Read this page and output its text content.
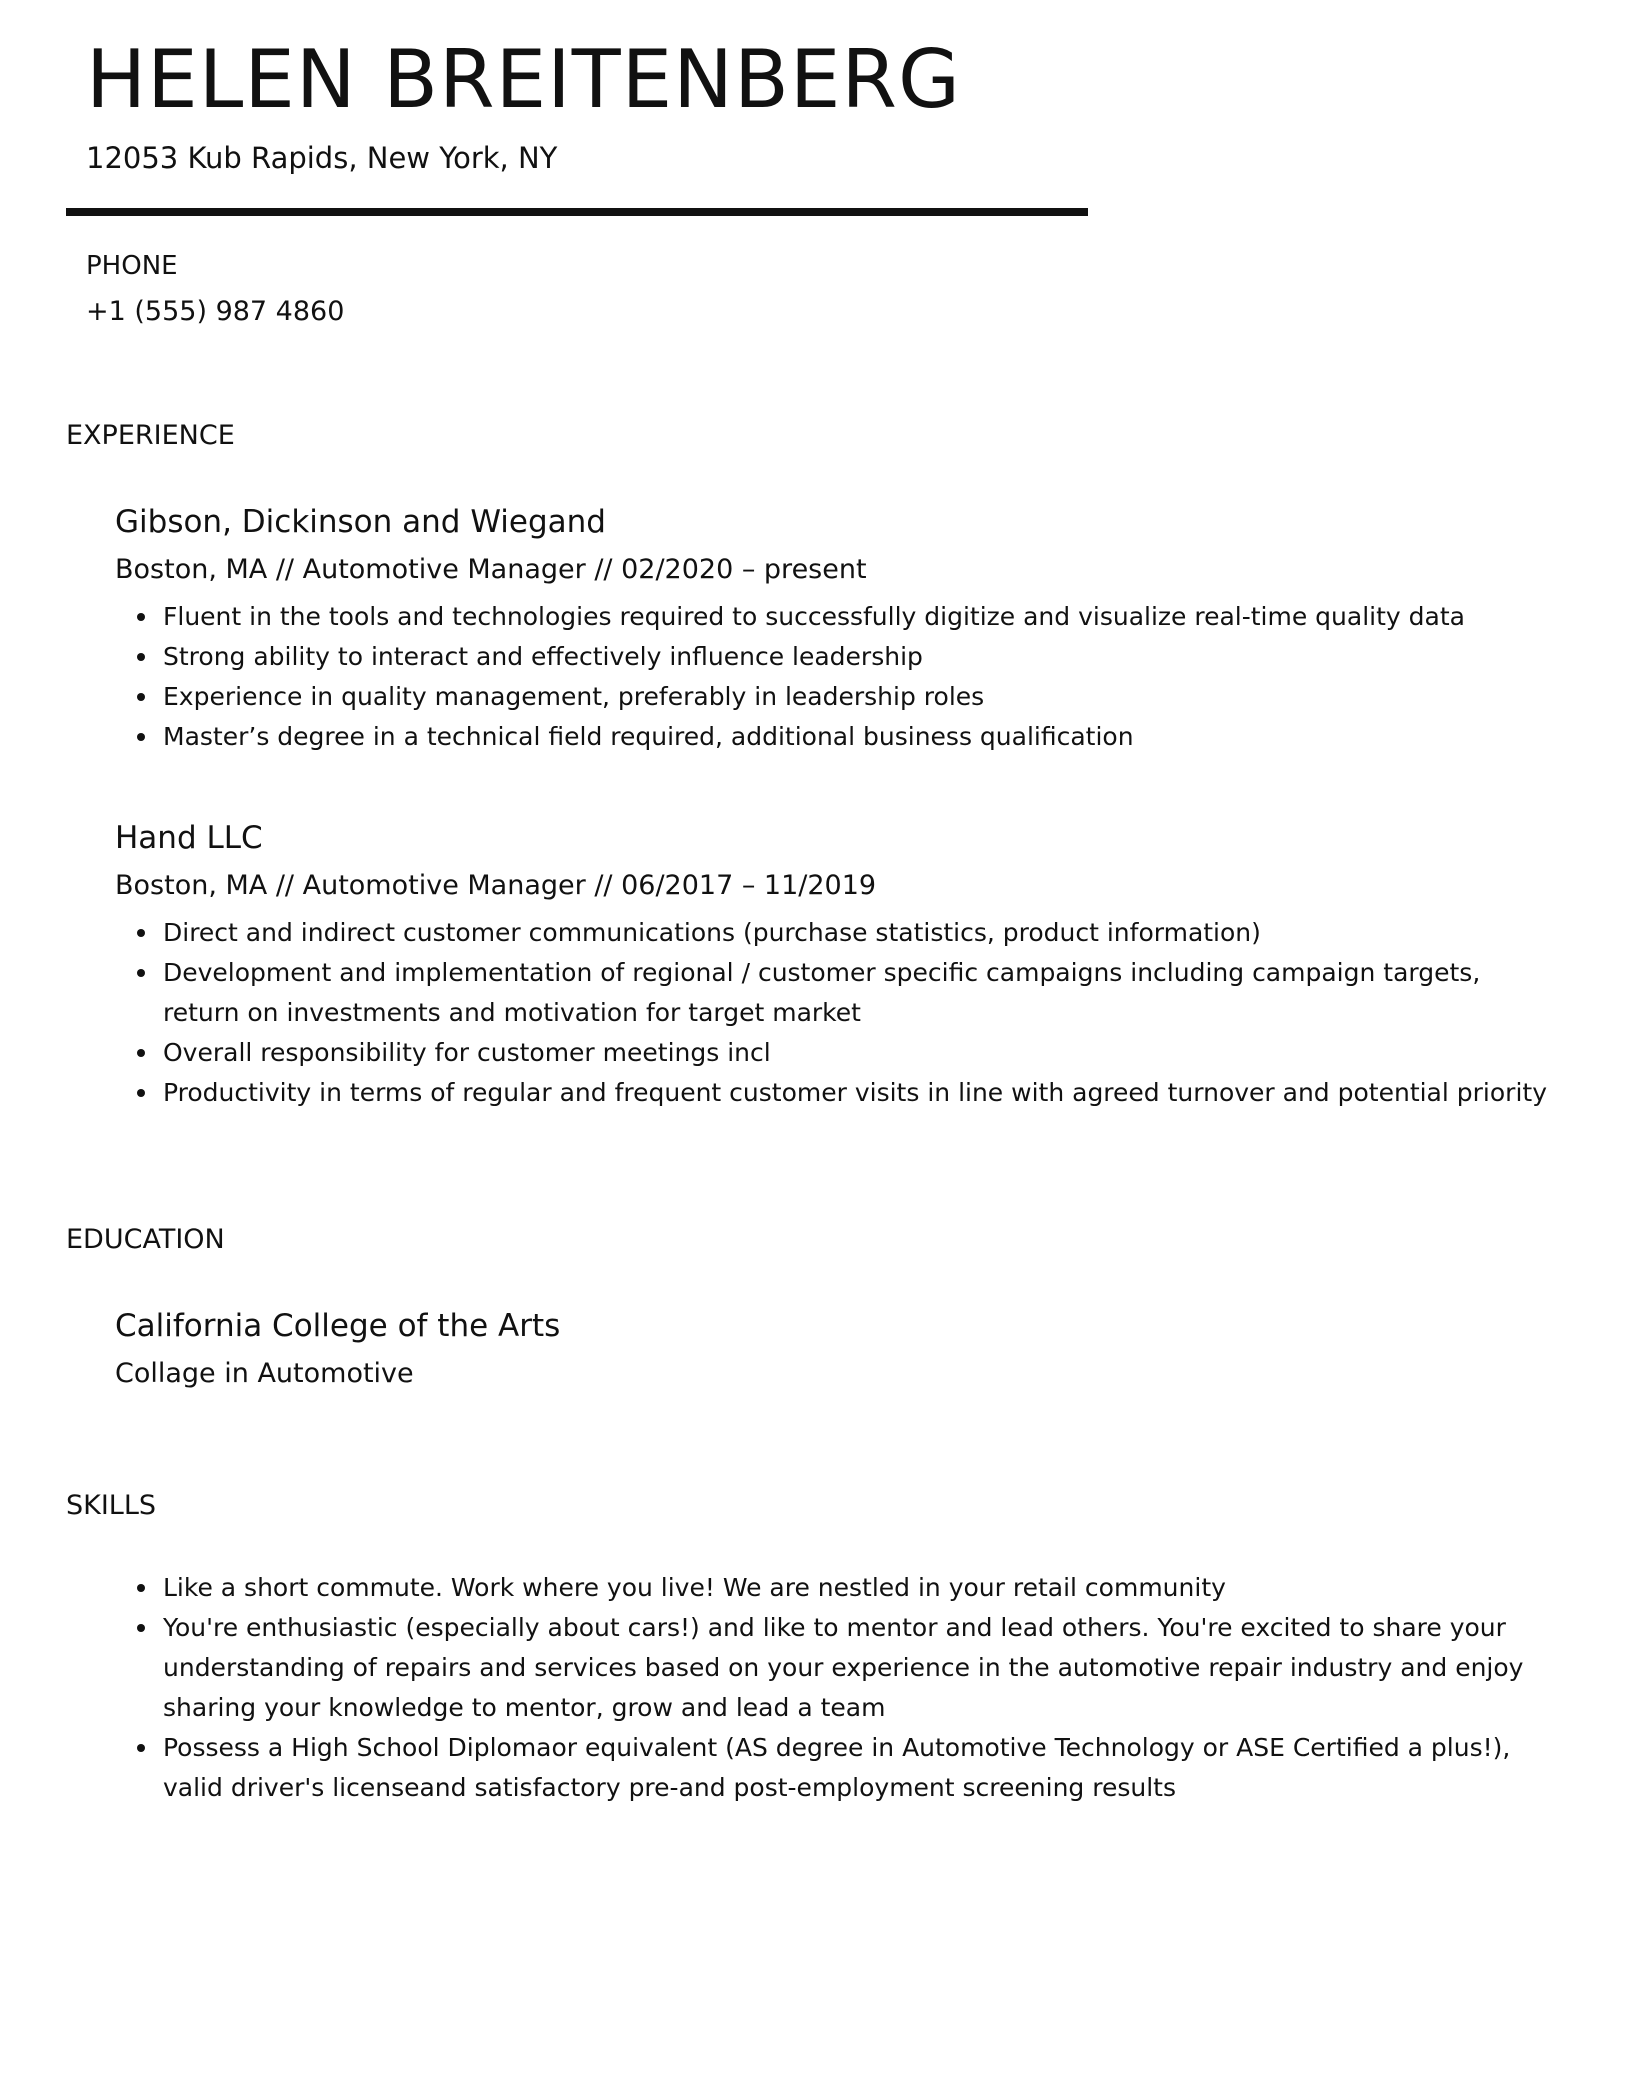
HELEN BREITENBERG
12053 Kub Rapids, New York, NY
PHONE
+1 (555) 987 4860
EXPERIENCE
Gibson, Dickinson and Wiegand
Boston, MA // Automotive Manager // 02/2020 – present
Fluent in the tools and technologies required to successfully digitize and visualize real-time quality data
Strong ability to interact and effectively influence leadership
Experience in quality management, preferably in leadership roles
Master’s degree in a technical field required, additional business qualification
Hand LLC
Boston, MA // Automotive Manager // 06/2017 – 11/2019
Direct and indirect customer communications (purchase statistics, product information)
Development and implementation of regional / customer specific campaigns including campaign targets, return on investments and motivation for target market
Overall responsibility for customer meetings incl
Productivity in terms of regular and frequent customer visits in line with agreed turnover and potential priority
EDUCATION
California College of the Arts
Collage in Automotive
SKILLS
Like a short commute. Work where you live! We are nestled in your retail community
You're enthusiastic (especially about cars!) and like to mentor and lead others. You're excited to share your understanding of repairs and services based on your experience in the automotive repair industry and enjoy sharing your knowledge to mentor, grow and lead a team
Possess a High School Diplomaor equivalent (AS degree in Automotive Technology or ASE Certified a plus!), valid driver's licenseand satisfactory pre-and post-employment screening results
